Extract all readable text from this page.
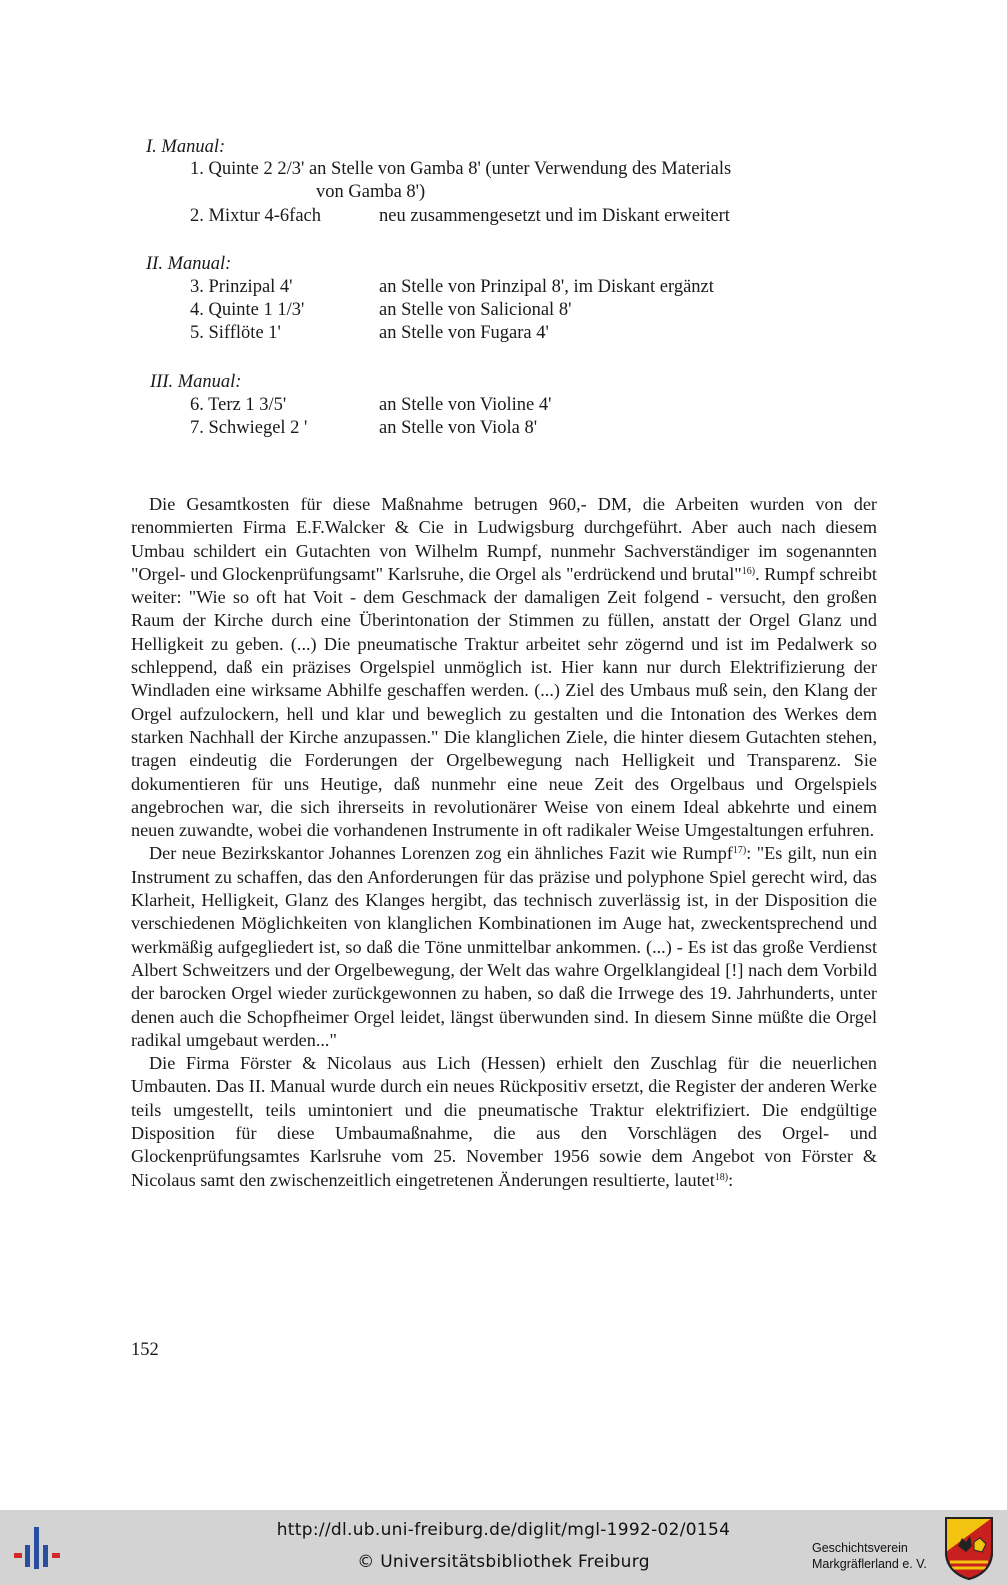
I. Manual:
1. Quinte 2 2/3' an Stelle von Gamba 8' (unter Verwendung des Materials
von Gamba 8')
2. Mixtur 4-6fach	neu zusammengesetzt und im Diskant erweitert
II. Manual:
3. Prinzipal 4'	an Stelle von Prinzipal 8', im Diskant ergänzt
4. Quinte 1 1/3'	an Stelle von Salicional 8'
5. Sifflöte 1'	an Stelle von Fugara 4'
III. Manual:
6. Terz 1 3/5'	an Stelle von Violine 4'
7. Schwiegel 2 '	an Stelle von Viola 8'

Die Gesamtkosten für diese Maßnahme betrugen 960,- DM, die Arbeiten wurden von der renommierten Firma E.F.Walcker & Cie in Ludwigsburg durchgeführt. Aber auch nach diesem Umbau schildert ein Gutachten von Wilhelm Rumpf, nunmehr Sachverständiger im sogenannten "Orgel- und Glockenprüfungsamt" Karlsruhe, die Orgel als "erdrückend und brutal"$^{16)}$. Rumpf schreibt weiter: "Wie so oft hat Voit - dem Geschmack der damaligen Zeit folgend - versucht, den großen Raum der Kirche durch eine Überintonation der Stimmen zu füllen, anstatt der Orgel Glanz und Helligkeit zu geben. (...) Die pneumatische Traktur arbeitet sehr zögernd und ist im Pedalwerk so schleppend, daß ein präzises Orgelspiel unmöglich ist. Hier kann nur durch Elektrifizierung der Windladen eine wirksame Abhilfe geschaffen werden. (...) Ziel des Umbaus muß sein, den Klang der Orgel aufzulockern, hell und klar und beweglich zu gestalten und die Intonation des Werkes dem starken Nachhall der Kirche anzupassen." Die klanglichen Ziele, die hinter diesem Gutachten stehen, tragen eindeutig die Forderungen der Orgelbewegung nach Helligkeit und Transparenz. Sie dokumentieren für uns Heutige, daß nunmehr eine neue Zeit des Orgelbaus und Orgelspiels angebrochen war, die sich ihrerseits in revolutionärer Weise von einem Ideal abkehrte und einem neuen zuwandte, wobei die vorhandenen Instrumente in oft radikaler Weise Umgestaltungen erfuhren.

Der neue Bezirkskantor Johannes Lorenzen zog ein ähnliches Fazit wie Rumpf$^{17)}$: "Es gilt, nun ein Instrument zu schaffen, das den Anforderungen für das präzise und polyphone Spiel gerecht wird, das Klarheit, Helligkeit, Glanz des Klanges hergibt, das technisch zuverlässig ist, in der Disposition die verschiedenen Möglichkeiten von klanglichen Kombinationen im Auge hat, zweckentsprechend und werkmäßig aufgegliedert ist, so daß die Töne unmittelbar ankommen. (...) - Es ist das große Verdienst Albert Schweitzers und der Orgelbewegung, der Welt das wahre Orgelklangideal [!] nach dem Vorbild der barocken Orgel wieder zurückgewonnen zu haben, so daß die Irrwege des 19. Jahrhunderts, unter denen auch die Schopfheimer Orgel leidet, längst überwunden sind. In diesem Sinne müßte die Orgel radikal umgebaut werden..."

Die Firma Förster & Nicolaus aus Lich (Hessen) erhielt den Zuschlag für die neuerlichen Umbauten. Das II. Manual wurde durch ein neues Rückpositiv ersetzt, die Register der anderen Werke teils umgestellt, teils umintoniert und die pneumatische Traktur elektrifiziert. Die endgültige Disposition für diese Umbaumaßnahme, die aus den Vorschlägen des Orgel- und Glockenprüfungsamtes Karlsruhe vom 25. November 1956 sowie dem Angebot von Förster & Nicolaus samt den zwischenzeitlich eingetretenen Änderungen resultierte, lautet$^{18)}$:

152
http://dl.ub.uni-freiburg.de/diglit/mgl-1992-02/0154
© Universitätsbibliothek Freiburg
Geschichtsverein
Markgräflerland e. V.
